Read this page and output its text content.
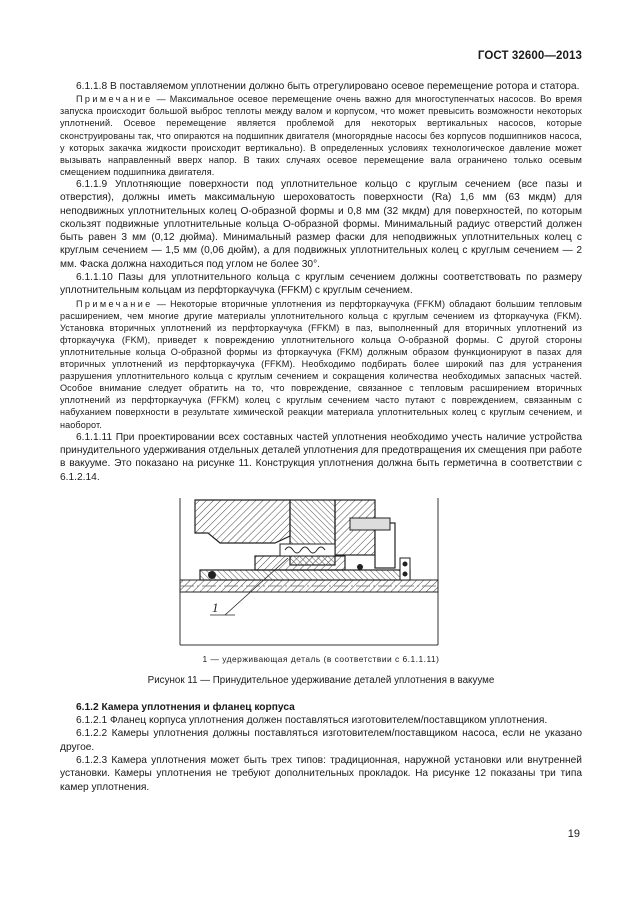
ГОСТ 32600—2013

6.1.1.8 В поставляемом уплотнении должно быть отрегулировано осевое перемещение ротора и статора.

Примечание — Максимальное осевое перемещение очень важно для многоступенчатых насосов. Во время запуска происходит большой выброс теплоты между валом и корпусом, что может превысить возможности некоторых уплотнений. Осевое перемещение является проблемой для некоторых вертикальных насосов, которые сконструированы так, что опираются на подшипник двигателя (многорядные насосы без корпусов подшипников насоса, у которых закачка жидкости происходит вертикально). В определенных условиях технологическое давление может вызывать направленный вверх напор. В таких случаях осевое перемещение вала ограничено только осевым смещением подшипника двигателя.

6.1.1.9 Уплотняющие поверхности под уплотнительное кольцо с круглым сечением (все пазы и отверстия), должны иметь максимальную шероховатость поверхности (Ra) 1,6 мм (63 мкдм) для неподвижных уплотнительных колец О-образной формы и 0,8 мм (32 мкдм) для поверхностей, по которым скользят подвижные уплотнительные кольца О-образной формы. Минимальный радиус отверстий должен быть равен 3 мм (0,12 дюйма). Минимальный размер фаски для неподвижных уплотнительных колец с круглым сечением — 1,5 мм (0,06 дюйм), а для подвижных уплотнительных колец с круглым сечением — 2 мм. Фаска должна находиться под углом не более 30°.

6.1.1.10 Пазы для уплотнительного кольца с круглым сечением должны соответствовать по размеру уплотнительным кольцам из перфторкаучука (FFKM) с круглым сечением.

Примечание — Некоторые вторичные уплотнения из перфторкаучука (FFKM) обладают большим тепловым расширением, чем многие другие материалы уплотнительного кольца с круглым сечением из фторкаучука (FKM). Установка вторичных уплотнений из перфторкаучука (FFKM) в паз, выполненный для вторичных уплотнений из фторкаучука (FKM), приведет к повреждению уплотнительного кольца О-образной формы. С другой стороны уплотнительные кольца О-образной формы из фторкаучука (FKM) должным образом функционируют в пазах для вторичных уплотнений из перфторкаучука (FFKM). Необходимо подбирать более широкий паз для устранения разрушения уплотнительного кольца с круглым сечением и сокращения количества необходимых запасных частей. Особое внимание следует обратить на то, что повреждение, связанное с тепловым расширением вторичных уплотнений из перфторкаучука (FFKM) колец с круглым сечением часто путают с повреждением, связанным с набуханием поверхности в результате химической реакции материала уплотнительных колец с круглым сечением, и наоборот.

6.1.1.11 При проектировании всех составных частей уплотнения необходимо учесть наличие устройства принудительного удерживания отдельных деталей уплотнения для предотвращения их смещения при работе в вакууме. Это показано на рисунке 11. Конструкция уплотнения должна быть герметична в соответствии с 6.1.2.14.

1
1 — удерживающая деталь (в соответствии с 6.1.1.11)
Рисунок 11 — Принудительное удерживание деталей уплотнения в вакууме

6.1.2 Камера уплотнения и фланец корпуса

6.1.2.1 Фланец корпуса уплотнения должен поставляться изготовителем/поставщиком уплотнения.

6.1.2.2 Камеры уплотнения должны поставляться изготовителем/поставщиком насоса, если не указано другое.

6.1.2.3 Камера уплотнения может быть трех типов: традиционная, наружной установки или внутренней установки. Камеры уплотнения не требуют дополнительных прокладок. На рисунке 12 показаны три типа камер уплотнения.

19
